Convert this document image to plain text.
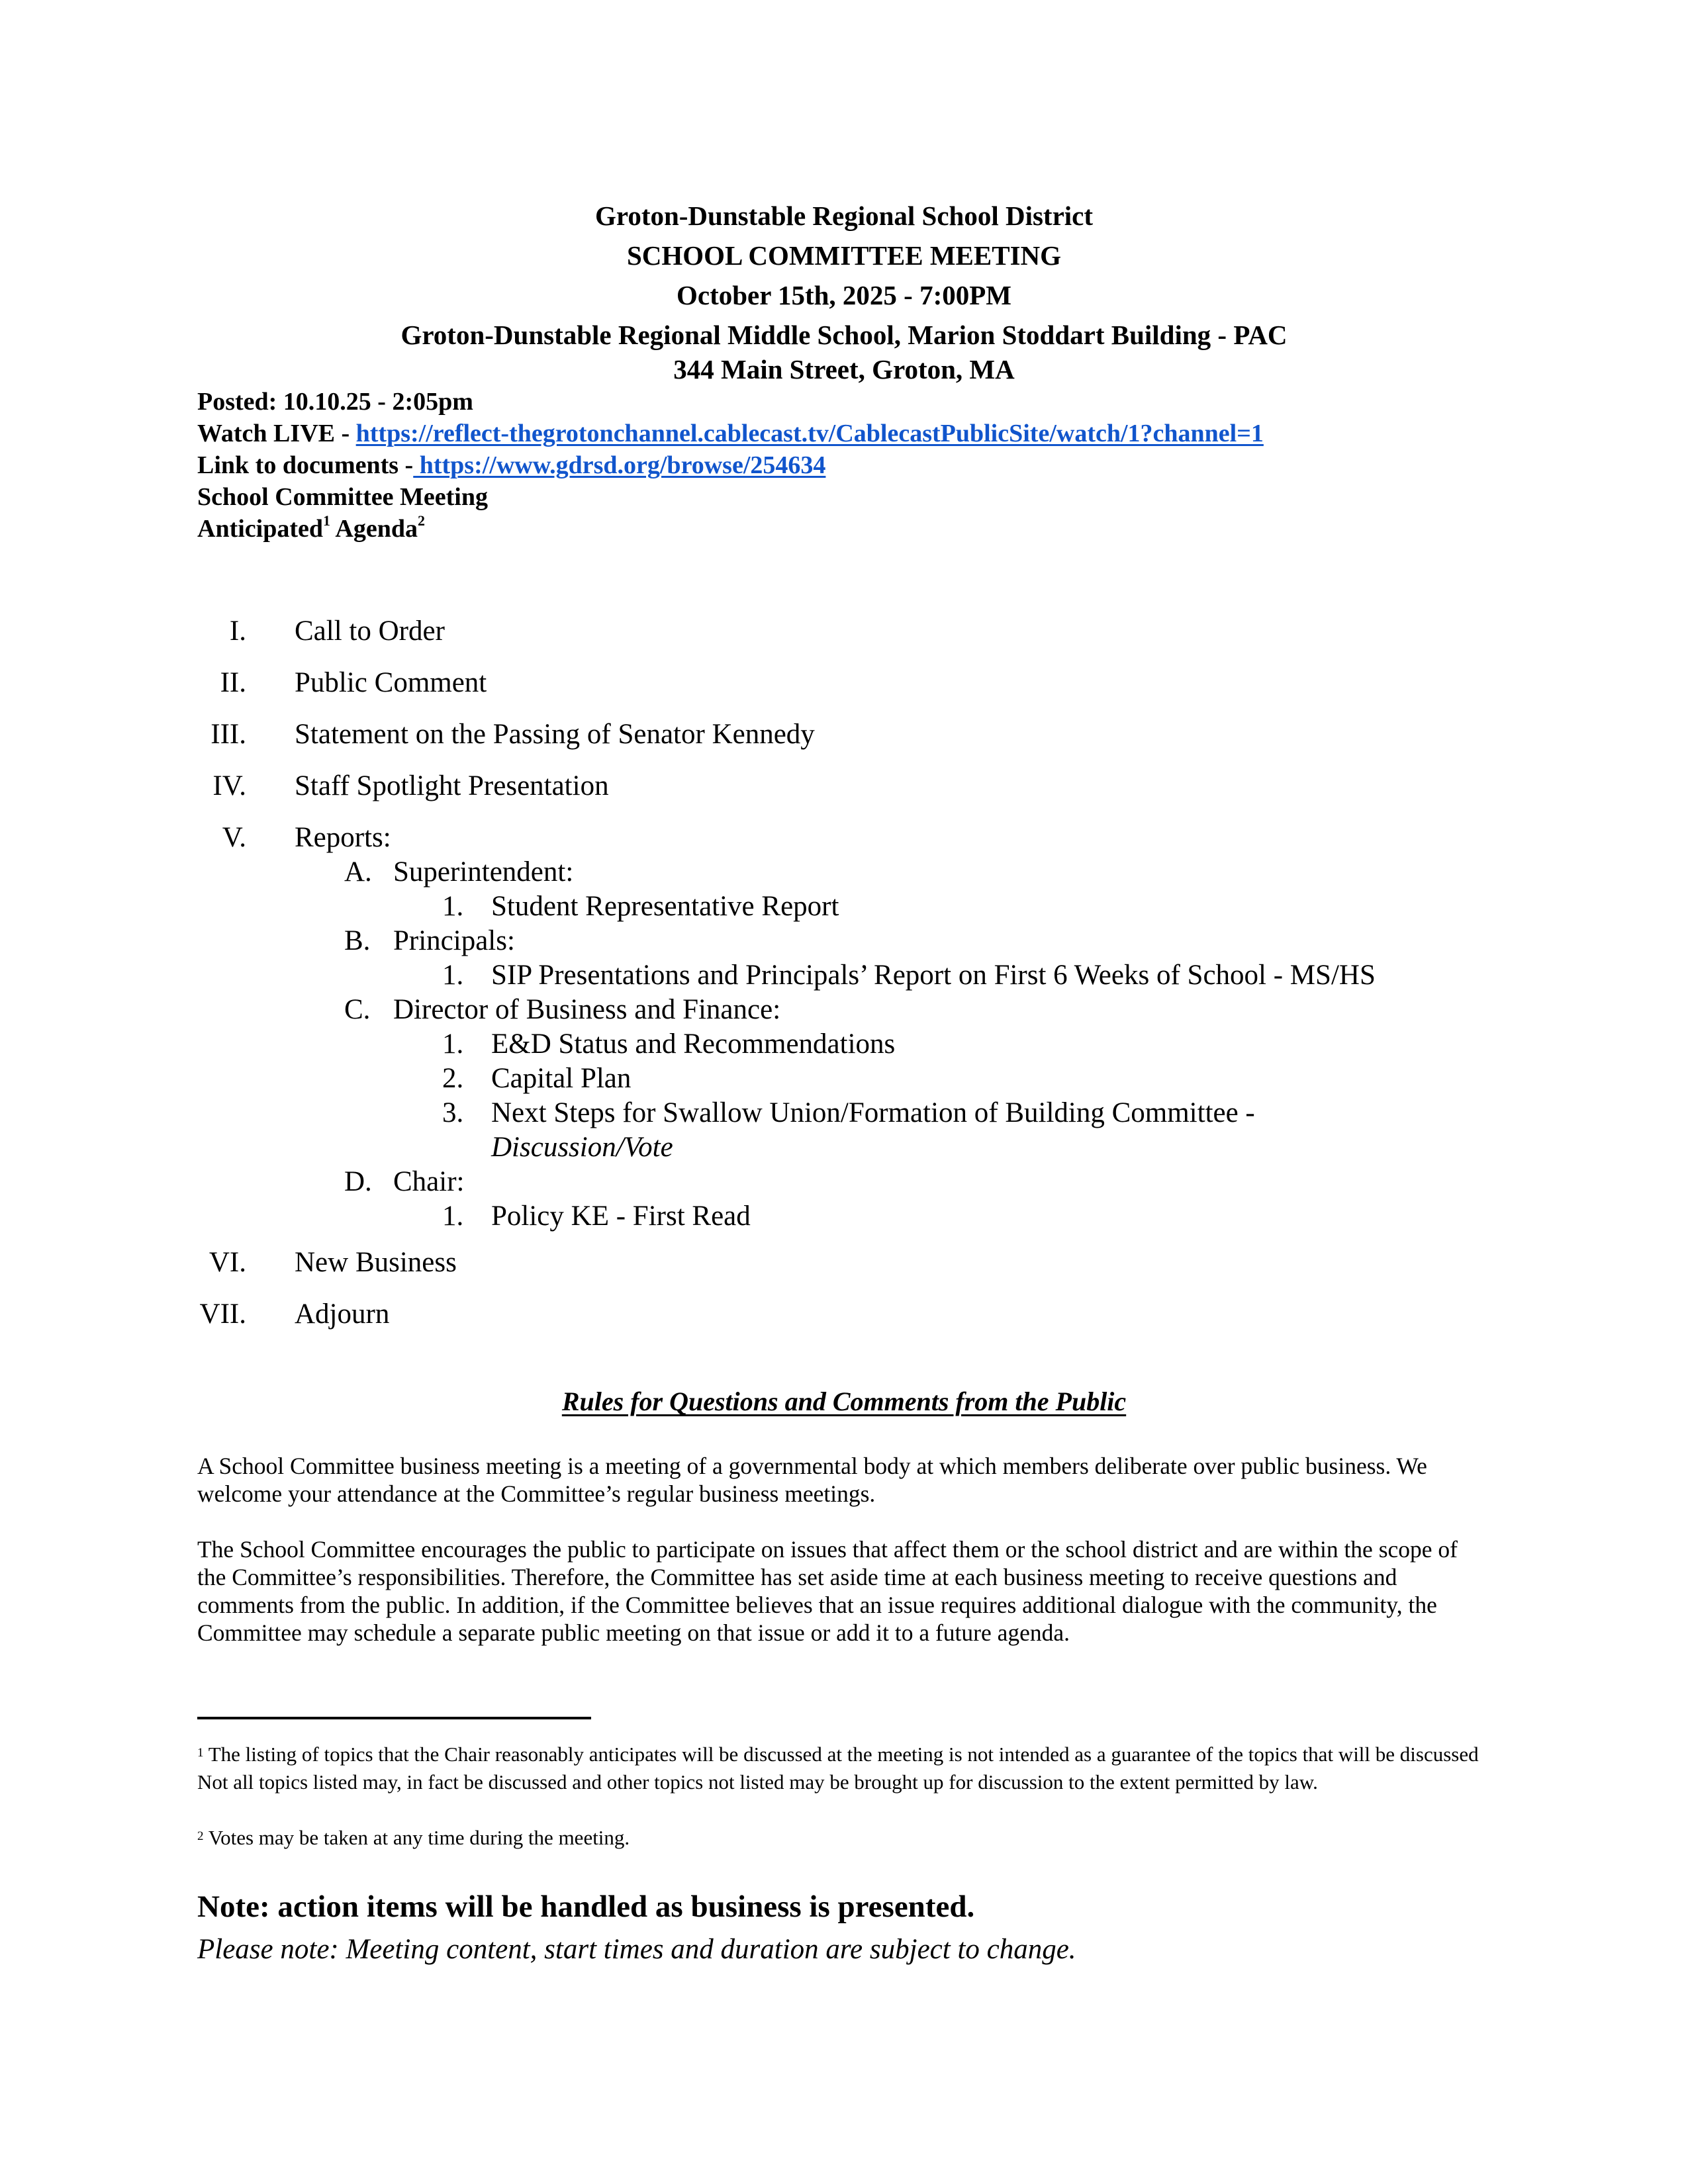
Groton-Dunstable Regional School District
SCHOOL COMMITTEE MEETING
October 15th, 2025 - 7:00PM
Groton-Dunstable Regional Middle School, Marion Stoddart Building - PAC
344 Main Street, Groton, MA
Posted: 10.10.25 - 2:05pm
Watch LIVE - https://reflect-thegrotonchannel.cablecast.tv/CablecastPublicSite/watch/1?channel=1
Link to documents - https://www.gdrsd.org/browse/254634
School Committee Meeting
Anticipated$^1$ Agenda$^2$
I. Call to Order
II. Public Comment
III. Statement on the Passing of Senator Kennedy
IV. Staff Spotlight Presentation
V. Reports:
VI. New Business
VII. Adjourn
A. Superintendent:
1. Student Representative Report
B. Principals:
1. SIP Presentations and Principals’ Report on First 6 Weeks of School - MS/HS
C. Director of Business and Finance:
1. E&D Status and Recommendations
2. Capital Plan
3. Next Steps for Swallow Union/Formation of Building Committee -
Discussion/Vote
D. Chair:
1. Policy KE - First Read
Rules for Questions and Comments from the Public
A School Committee business meeting is a meeting of a governmental body at which members deliberate over public business. We welcome your attendance at the Committee’s regular business meetings.
The School Committee encourages the public to participate on issues that affect them or the school district and are within the scope of the Committee’s responsibilities. Therefore, the Committee has set aside time at each business meeting to receive questions and comments from the public. In addition, if the Committee believes that an issue requires additional dialogue with the community, the Committee may schedule a separate public meeting on that issue or add it to a future agenda.
$^1$ The listing of topics that the Chair reasonably anticipates will be discussed at the meeting is not intended as a guarantee of the topics that will be discussed Not all topics listed may, in fact be discussed and other topics not listed may be brought up for discussion to the extent permitted by law.
$^2$ Votes may be taken at any time during the meeting.
Note: action items will be handled as business is presented.
Please note: Meeting content, start times and duration are subject to change.
